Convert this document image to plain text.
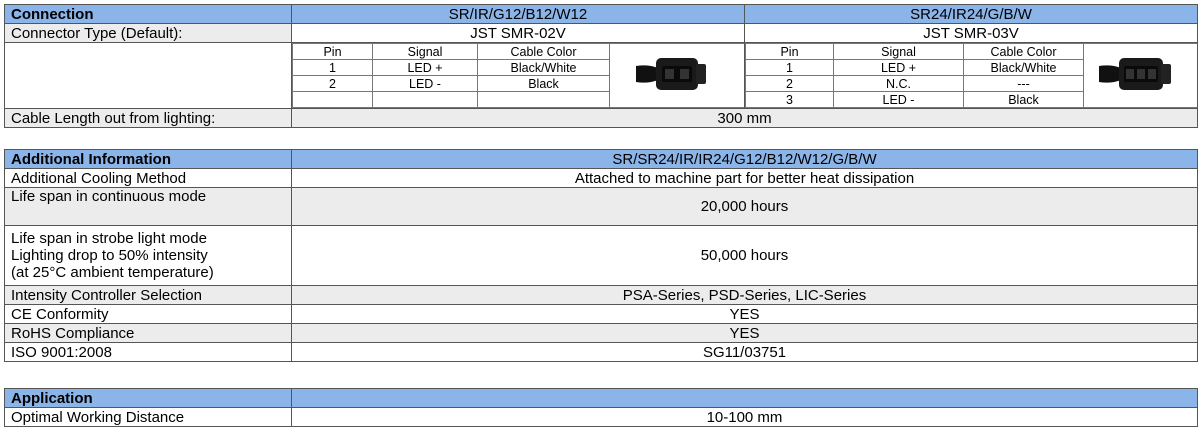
Connection	SR/IR/G12/B12/W12	SR24/IR24/G/B/W
Connector Type (Default):	JST SMR-02V	JST SMR-03V

Pin	Signal	Cable Color	
1	LED +	Black/White
2	LED -	Black

Pin	Signal	Cable Color	
1	LED +	Black/White
2	N.C.	---
3	LED -	Black

Cable Length out from lighting:	300 mm
Additional Information	SR/SR24/IR/IR24/G12/B12/W12/G/B/W
Additional Cooling Method	Attached to machine part for better heat dissipation
Life span in continuous mode	20,000 hours

Life span in strobe light mode
Lighting drop to 50% intensity
(at 25°C ambient temperature)	50,000 hours
Intensity Controller Selection	PSA-Series, PSD-Series, LIC-Series
CE Conformity	YES
RoHS Compliance	YES
ISO 9001:2008	SG11/03751
Application	
Optimal Working Distance	10-100 mm
